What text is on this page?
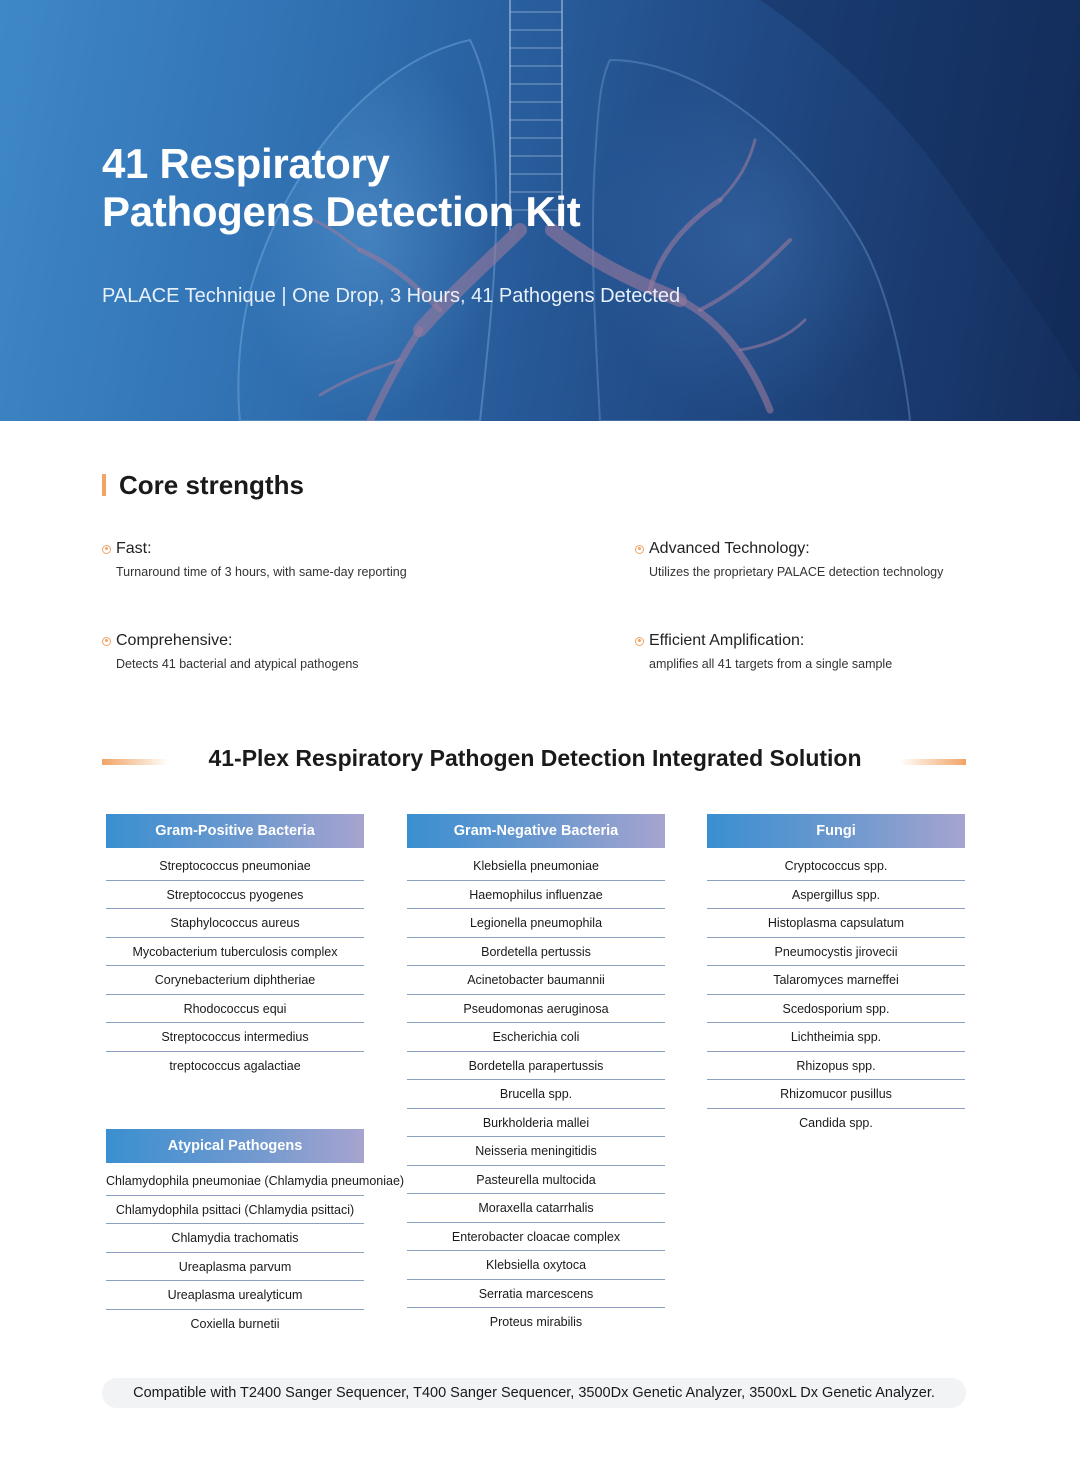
41 Respiratory
Pathogens Detection Kit
PALACE Technique | One Drop, 3 Hours, 41 Pathogens Detected
Core strengths
Fast:
Turnaround time of 3 hours, with same-day reporting
Advanced Technology:
Utilizes the proprietary PALACE detection technology
Comprehensive:
Detects 41 bacterial and atypical pathogens
Efficient Amplification:
amplifies all 41 targets from a single sample
41-Plex Respiratory Pathogen Detection Integrated Solution
Gram-Positive Bacteria
Streptococcus pneumoniae
Streptococcus pyogenes
Staphylococcus aureus
Mycobacterium tuberculosis complex
Corynebacterium diphtheriae
Rhodococcus equi
Streptococcus intermedius
treptococcus agalactiae
Atypical Pathogens
Chlamydophila pneumoniae (Chlamydia pneumoniae)
Chlamydophila psittaci (Chlamydia psittaci)
Chlamydia trachomatis
Ureaplasma parvum
Ureaplasma urealyticum
Coxiella burnetii
Gram-Negative Bacteria
Klebsiella pneumoniae
Haemophilus influenzae
Legionella pneumophila
Bordetella pertussis
Acinetobacter baumannii
Pseudomonas aeruginosa
Escherichia coli
Bordetella parapertussis
Brucella spp.
Burkholderia mallei
Neisseria meningitidis
Pasteurella multocida
Moraxella catarrhalis
Enterobacter cloacae complex
Klebsiella oxytoca
Serratia marcescens
Proteus mirabilis
Fungi
Cryptococcus spp.
Aspergillus spp.
Histoplasma capsulatum
Pneumocystis jirovecii
Talaromyces marneffei
Scedosporium spp.
Lichtheimia spp.
Rhizopus spp.
Rhizomucor pusillus
Candida spp.
Compatible with T2400 Sanger Sequencer, T400 Sanger Sequencer, 3500Dx Genetic Analyzer, 3500xL Dx Genetic Analyzer.
